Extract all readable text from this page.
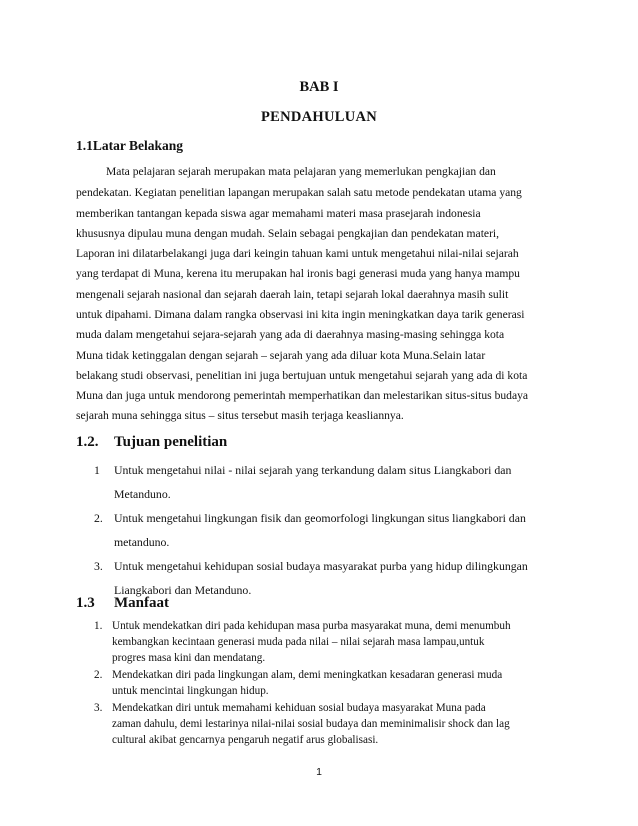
BAB I
PENDAHULUAN
1.1Latar Belakang
Mata pelajaran sejarah merupakan mata pelajaran yang memerlukan pengkajian dan
pendekatan. Kegiatan penelitian lapangan merupakan salah satu metode pendekatan utama yang
memberikan tantangan kepada siswa agar memahami materi masa prasejarah indonesia
khususnya dipulau muna dengan mudah. Selain sebagai pengkajian dan pendekatan materi,
Laporan ini dilatarbelakangi juga dari keingin tahuan kami untuk mengetahui nilai-nilai sejarah
yang terdapat di Muna, kerena itu merupakan hal ironis bagi generasi muda yang hanya mampu
mengenali sejarah nasional dan sejarah daerah lain, tetapi sejarah lokal daerahnya masih sulit
untuk dipahami. Dimana dalam rangka observasi ini kita ingin meningkatkan daya tarik generasi
muda dalam mengetahui sejara-sejarah yang ada di daerahnya masing-masing sehingga kota
Muna tidak ketinggalan dengan sejarah – sejarah yang ada diluar kota Muna.Selain latar
belakang studi observasi, penelitian ini juga bertujuan untuk mengetahui sejarah yang ada di kota
Muna dan juga untuk mendorong pemerintah memperhatikan dan melestarikan situs-situs budaya
sejarah muna sehingga situs – situs tersebut masih terjaga keasliannya.
1.2. Tujuan penelitian
1 Untuk mengetahui nilai - nilai sejarah yang terkandung dalam situs Liangkabori dan
Metanduno.
2. Untuk mengetahui lingkungan fisik dan geomorfologi lingkungan situs liangkabori dan
metanduno.
3. Untuk mengetahui kehidupan sosial budaya masyarakat purba yang hidup dilingkungan
Liangkabori dan Metanduno.
1.3 Manfaat
1. Untuk mendekatkan diri pada kehidupan masa purba masyarakat muna, demi menumbuh
kembangkan kecintaan generasi muda pada nilai – nilai sejarah masa lampau,untuk
progres masa kini dan mendatang.
2. Mendekatkan diri pada lingkungan alam, demi meningkatkan kesadaran generasi muda
untuk mencintai lingkungan hidup.
3. Mendekatkan diri untuk memahami kehiduan sosial budaya masyarakat Muna pada
zaman dahulu, demi lestarinya nilai-nilai sosial budaya dan meminimalisir shock dan lag
cultural akibat gencarnya pengaruh negatif arus globalisasi.
1
